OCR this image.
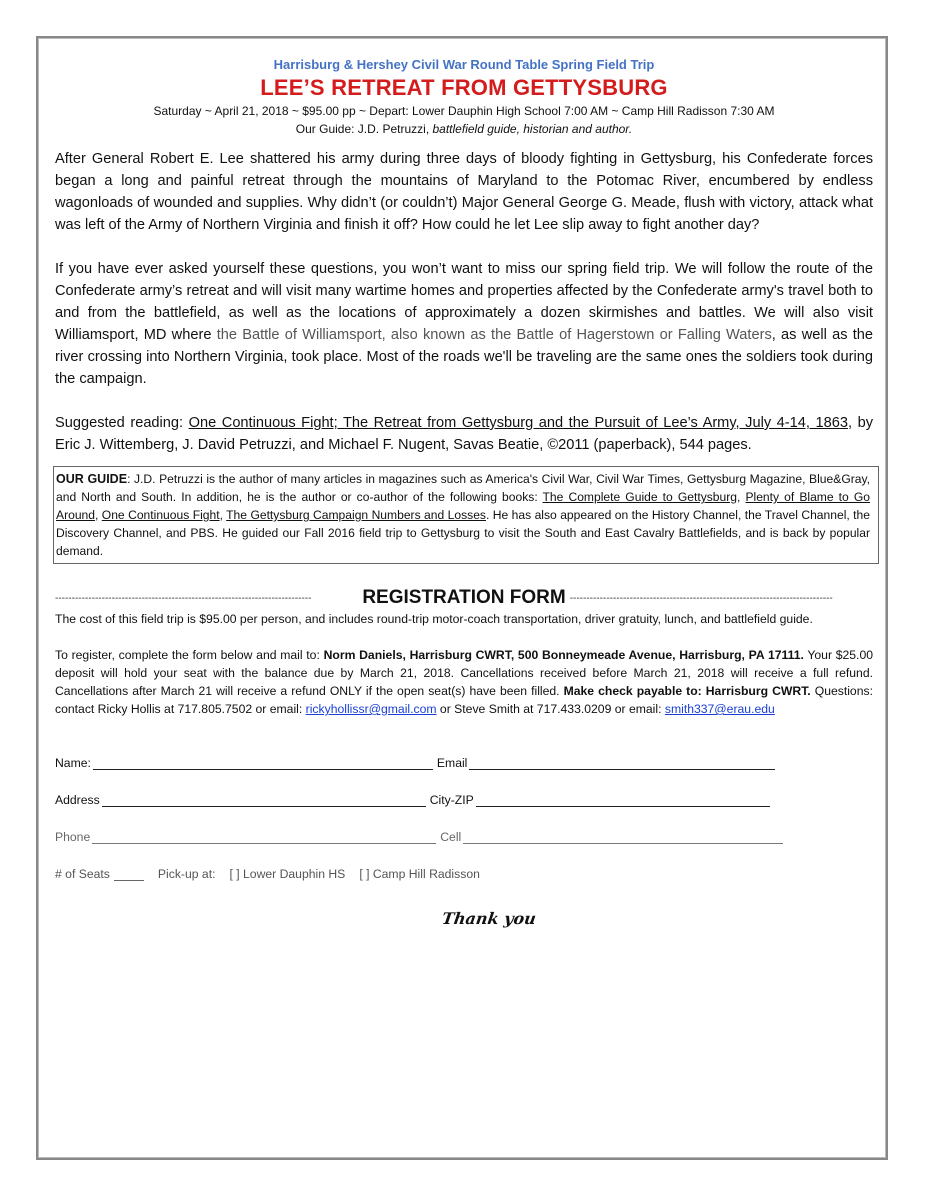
Harrisburg & Hershey Civil War Round Table Spring Field Trip
LEE’S RETREAT FROM GETTYSBURG
Saturday ~ April 21, 2018 ~ $95.00 pp ~ Depart: Lower Dauphin High School 7:00 AM ~ Camp Hill Radisson 7:30 AM
Our Guide: J.D. Petruzzi, battlefield guide, historian and author.

After General Robert E. Lee shattered his army during three days of bloody fighting in Gettysburg, his Confederate forces began a long and painful retreat through the mountains of Maryland to the Potomac River, encumbered by endless wagonloads of wounded and supplies. Why didn’t (or couldn’t) Major General George G. Meade, flush with victory, attack what was left of the Army of Northern Virginia and finish it off? How could he let Lee slip away to fight another day?

If you have ever asked yourself these questions, you won’t want to miss our spring field trip. We will follow the route of the Confederate army’s retreat and will visit many wartime homes and properties affected by the Confederate army's travel both to and from the battlefield, as well as the locations of approximately a dozen skirmishes and battles. We will also visit Williamsport, MD where the Battle of Williamsport, also known as the Battle of Hagerstown or Falling Waters, as well as the river crossing into Northern Virginia, took place. Most of the roads we'll be traveling are the same ones the soldiers took during the campaign.

Suggested reading: One Continuous Fight; The Retreat from Gettysburg and the Pursuit of Lee’s Army, July 4-14, 1863, by Eric J. Wittemberg, J. David Petruzzi, and Michael F. Nugent, Savas Beatie, ©2011 (paperback), 544 pages.

OUR GUIDE: J.D. Petruzzi is the author of many articles in magazines such as America's Civil War, Civil War Times, Gettysburg Magazine, Blue&Gray, and North and South. In addition, he is the author or co-author of the following books: The Complete Guide to Gettysburg, Plenty of Blame to Go Around, One Continuous Fight, The Gettysburg Campaign Numbers and Losses. He has also appeared on the History Channel, the Travel Channel, the Discovery Channel, and PBS. He guided our Fall 2016 field trip to Gettysburg to visit the South and East Cavalry Battlefields, and is back by popular demand.

-----------------------------------------------------------------------------	REGISTRATION FORM -------------------------------------------------------------------------------

The cost of this field trip is $95.00 per person, and includes round-trip motor-coach transportation, driver gratuity, lunch, and battlefield guide.

To register, complete the form below and mail to: Norm Daniels, Harrisburg CWRT, 500 Bonneymeade Avenue, Harrisburg, PA 17111. Your $25.00 deposit will hold your seat with the balance due by March 21, 2018. Cancellations received before March 21, 2018 will receive a full refund. Cancellations after March 21 will receive a refund ONLY if the open seat(s) have been filled. Make check payable to: Harrisburg CWRT. Questions: contact Ricky Hollis at 717.805.7502 or email: rickyhollissr@gmail.com or Steve Smith at 717.433.0209 or email: smith337@erau.edu

Name:	Email
Address	City-ZIP
Phone	Cell
# of Seats	Pick-up at: [ ] Lower Dauphin HS [ ] Camp Hill Radisson
Thank you
